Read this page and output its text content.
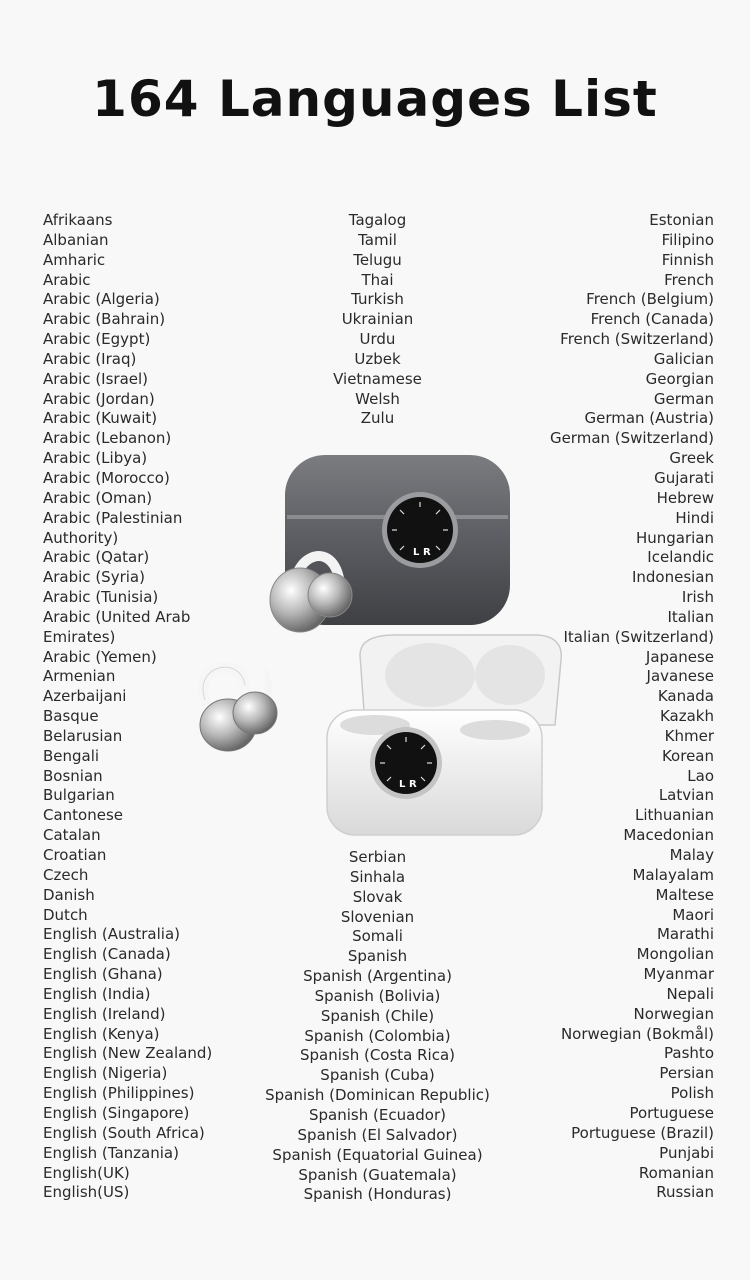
164 Languages List
Afrikaans
Albanian
Amharic
Arabic
Arabic (Algeria)
Arabic (Bahrain)
Arabic (Egypt)
Arabic (Iraq)
Arabic (Israel)
Arabic (Jordan)
Arabic (Kuwait)
Arabic (Lebanon)
Arabic (Libya)
Arabic (Morocco)
Arabic (Oman)
Arabic (Palestinian
Authority)
Arabic (Qatar)
Arabic (Syria)
Arabic (Tunisia)
Arabic (United Arab
Emirates)
Arabic (Yemen)
Armenian
Azerbaijani
Basque
Belarusian
Bengali
Bosnian
Bulgarian
Cantonese
Catalan
Croatian
Czech
Danish
Dutch
English (Australia)
English (Canada)
English (Ghana)
English (India)
English (Ireland)
English (Kenya)
English (New Zealand)
English (Nigeria)
English (Philippines)
English (Singapore)
English (South Africa)
English (Tanzania)
English(UK)
English(US)
Tagalog
Tamil
Telugu
Thai
Turkish
Ukrainian
Urdu
Uzbek
Vietnamese
Welsh
Zulu
Serbian
Sinhala
Slovak
Slovenian
Somali
Spanish
Spanish (Argentina)
Spanish (Bolivia)
Spanish (Chile)
Spanish (Colombia)
Spanish (Costa Rica)
Spanish (Cuba)
Spanish (Dominican Republic)
Spanish (Ecuador)
Spanish (El Salvador)
Spanish (Equatorial Guinea)
Spanish (Guatemala)
Spanish (Honduras)
Estonian
Filipino
Finnish
French
French (Belgium)
French (Canada)
French (Switzerland)
Galician
Georgian
German
German (Austria)
German (Switzerland)
Greek
Gujarati
Hebrew
Hindi
Hungarian
Icelandic
Indonesian
Irish
Italian
Italian (Switzerland)
Japanese
Javanese
Kanada
Kazakh
Khmer
Korean
Lao
Latvian
Lithuanian
Macedonian
Malay
Malayalam
Maltese
Maori
Marathi
Mongolian
Myanmar
Nepali
Norwegian
Norwegian (Bokmål)
Pashto
Persian
Polish
Portuguese
Portuguese (Brazil)
Punjabi
Romanian
Russian
L R
L R
